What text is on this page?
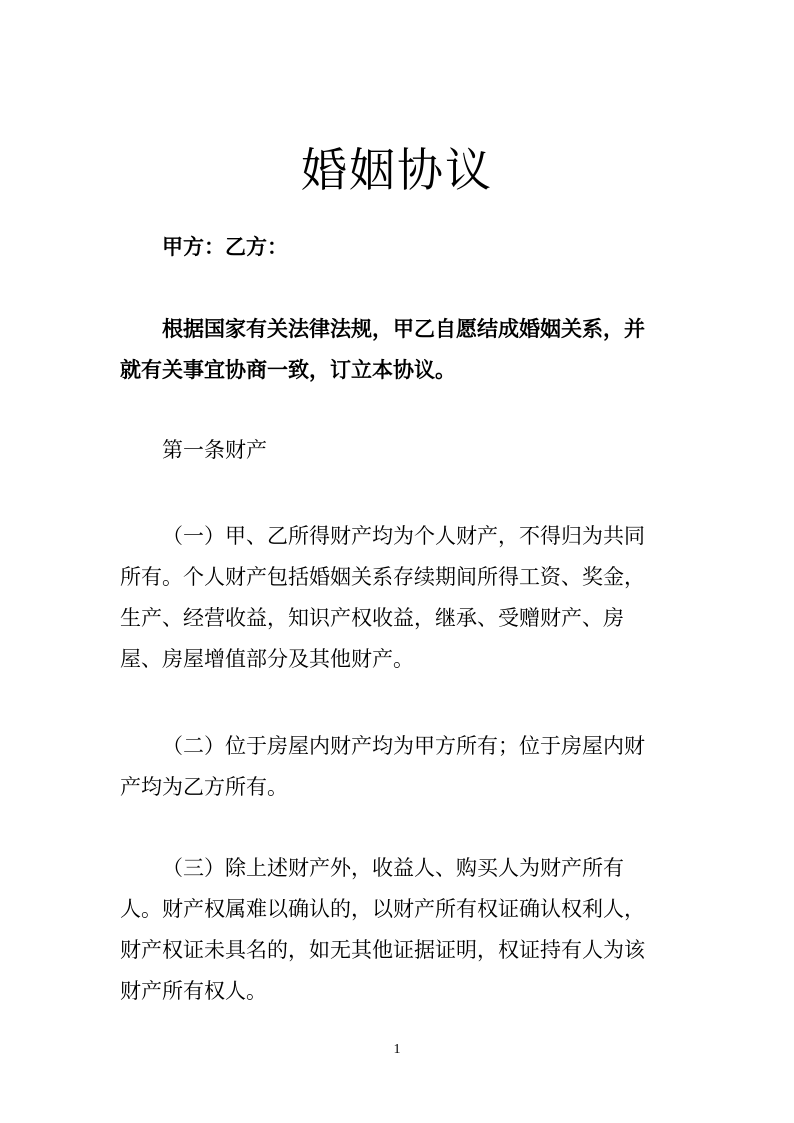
婚姻协议

甲方：乙方：

根据国家有关法律法规，甲乙自愿结成婚姻关系，并
就有关事宜协商一致，订立本协议。

第一条财产

（一）甲、乙所得财产均为个人财产，不得归为共同
所有。个人财产包括婚姻关系存续期间所得工资、奖金，
生产、经营收益，知识产权收益，继承、受赠财产、房
屋、房屋增值部分及其他财产。

（二）位于房屋内财产均为甲方所有；位于房屋内财
产均为乙方所有。

（三）除上述财产外，收益人、购买人为财产所有
人。财产权属难以确认的，以财产所有权证确认权利人，
财产权证未具名的，如无其他证据证明，权证持有人为该
财产所有权人。

1
